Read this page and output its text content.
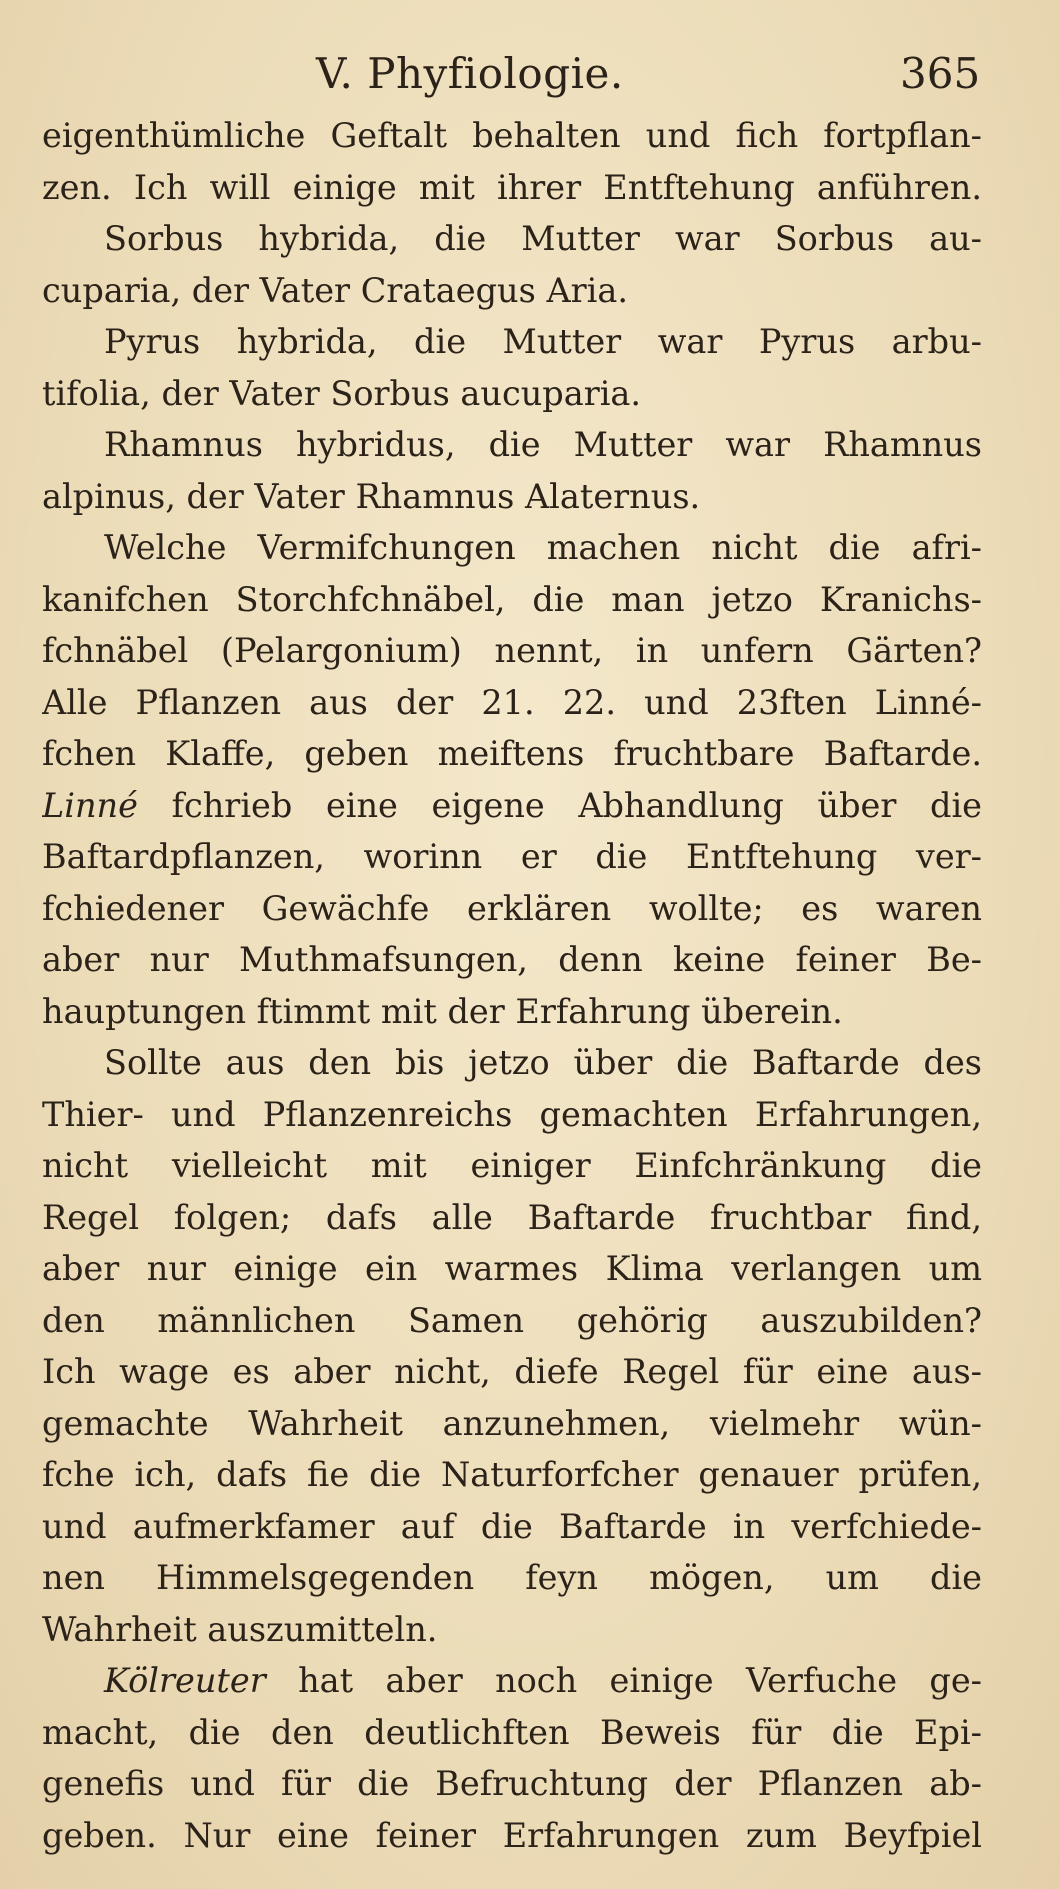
V. Phyfiologie.	365
eigenthümliche Geftalt behalten und fich fortpflan-
zen. Ich will einige mit ihrer Entftehung anführen.
Sorbus hybrida, die Mutter war Sorbus au-
cuparia, der Vater Crataegus Aria.
Pyrus hybrida, die Mutter war Pyrus arbu-
tifolia, der Vater Sorbus aucuparia.
Rhamnus hybridus, die Mutter war Rhamnus
alpinus, der Vater Rhamnus Alaternus.
Welche Vermifchungen machen nicht die afri-
kanifchen Storchfchnäbel, die man jetzo Kranichs-
fchnäbel (Pelargonium) nennt, in unfern Gärten?
Alle Pflanzen aus der 21. 22. und 23ften Linné-
fchen Klaffe, geben meiftens fruchtbare Baftarde.
Linné fchrieb eine eigene Abhandlung über die
Baftardpflanzen, worinn er die Entftehung ver-
fchiedener Gewächfe erklären wollte; es waren
aber nur Muthmafsungen, denn keine feiner Be-
hauptungen ftimmt mit der Erfahrung überein.
Sollte aus den bis jetzo über die Baftarde des
Thier- und Pflanzenreichs gemachten Erfahrungen,
nicht vielleicht mit einiger Einfchränkung die
Regel folgen; dafs alle Baftarde fruchtbar find,
aber nur einige ein warmes Klima verlangen um
den männlichen Samen gehörig auszubilden?
Ich wage es aber nicht, diefe Regel für eine aus-
gemachte Wahrheit anzunehmen, vielmehr wün-
fche ich, dafs fie die Naturforfcher genauer prüfen,
und aufmerkfamer auf die Baftarde in verfchiede-
nen Himmelsgegenden feyn mögen, um die
Wahrheit auszumitteln.
Kölreuter hat aber noch einige Verfuche ge-
macht, die den deutlichften Beweis für die Epi-
genefis und für die Befruchtung der Pflanzen ab-
geben. Nur eine feiner Erfahrungen zum Beyfpiel
